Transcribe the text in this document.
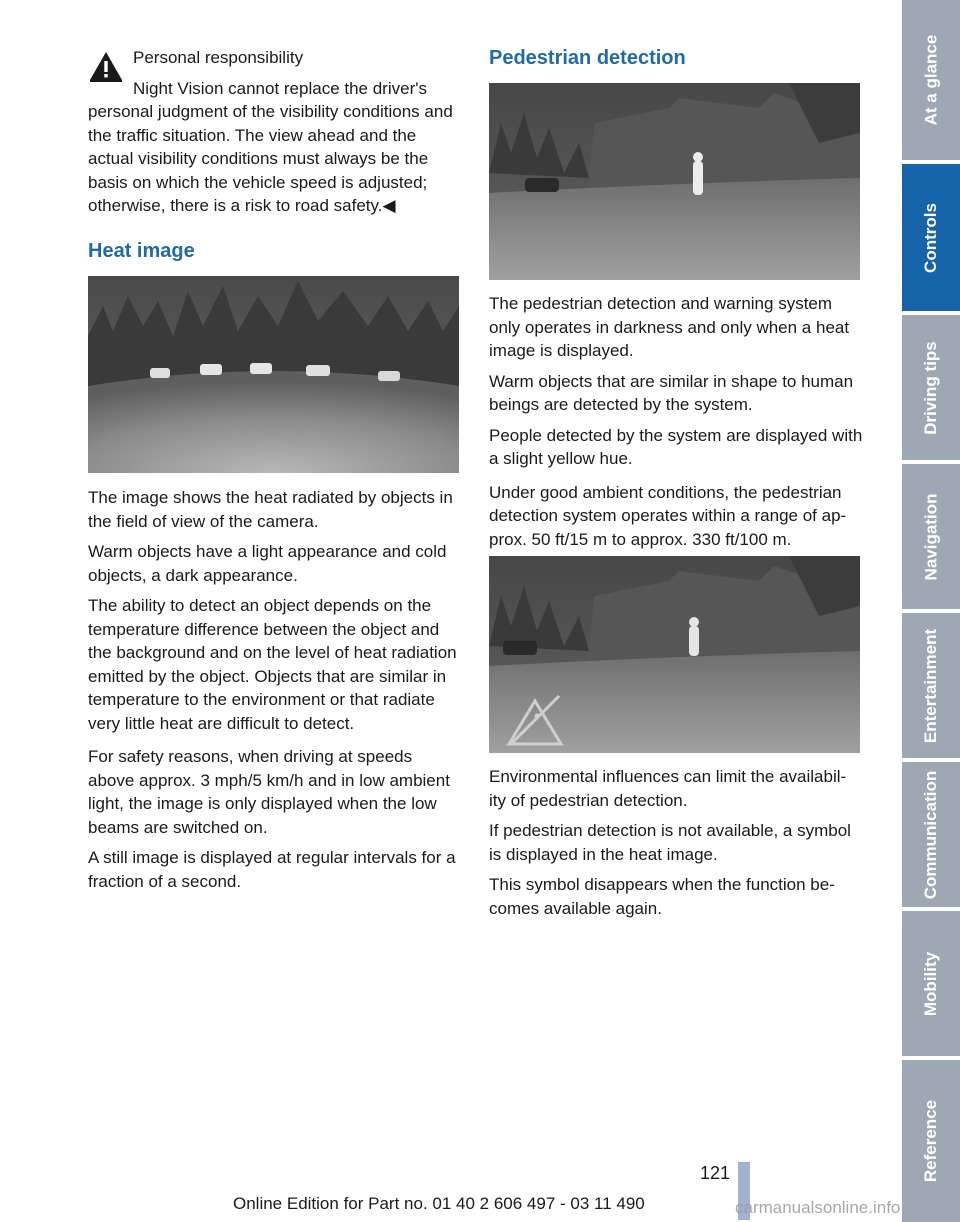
Personal responsibility

Night Vision cannot replace the driver's

personal judgment of the visibility conditions and the traffic situation. The view ahead and the actual visibility conditions must always be the basis on which the vehicle speed is adjusted; otherwise, there is a risk to road safety.◀

Heat image

The image shows the heat radiated by objects in the field of view of the camera.

Warm objects have a light appearance and cold objects, a dark appearance.

The ability to detect an object depends on the temperature difference between the object and the background and on the level of heat radiation emitted by the object. Objects that are similar in temperature to the environment or that radiate very little heat are difficult to detect.

For safety reasons, when driving at speeds above approx. 3 mph/5 km/h and in low ambient light, the image is only displayed when the low beams are switched on.

A still image is displayed at regular intervals for a fraction of a second.

Pedestrian detection

The pedestrian detection and warning system only operates in darkness and only when a heat image is displayed.

Warm objects that are similar in shape to human beings are detected by the system.

People detected by the system are displayed with a slight yellow hue.

Under good ambient conditions, the pedestrian detection system operates within a range of ap-prox. 50 ft/15 m to approx. 330 ft/100 m.

Environmental influences can limit the availabil-ity of pedestrian detection.

If pedestrian detection is not available, a symbol is displayed in the heat image.

This symbol disappears when the function be-comes available again.

At a glance
Controls
Driving tips
Navigation
Entertainment
Communication
Mobility
Reference
121
Online Edition for Part no. 01 40 2 606 497 - 03 11 490	carmanualsonline.info
